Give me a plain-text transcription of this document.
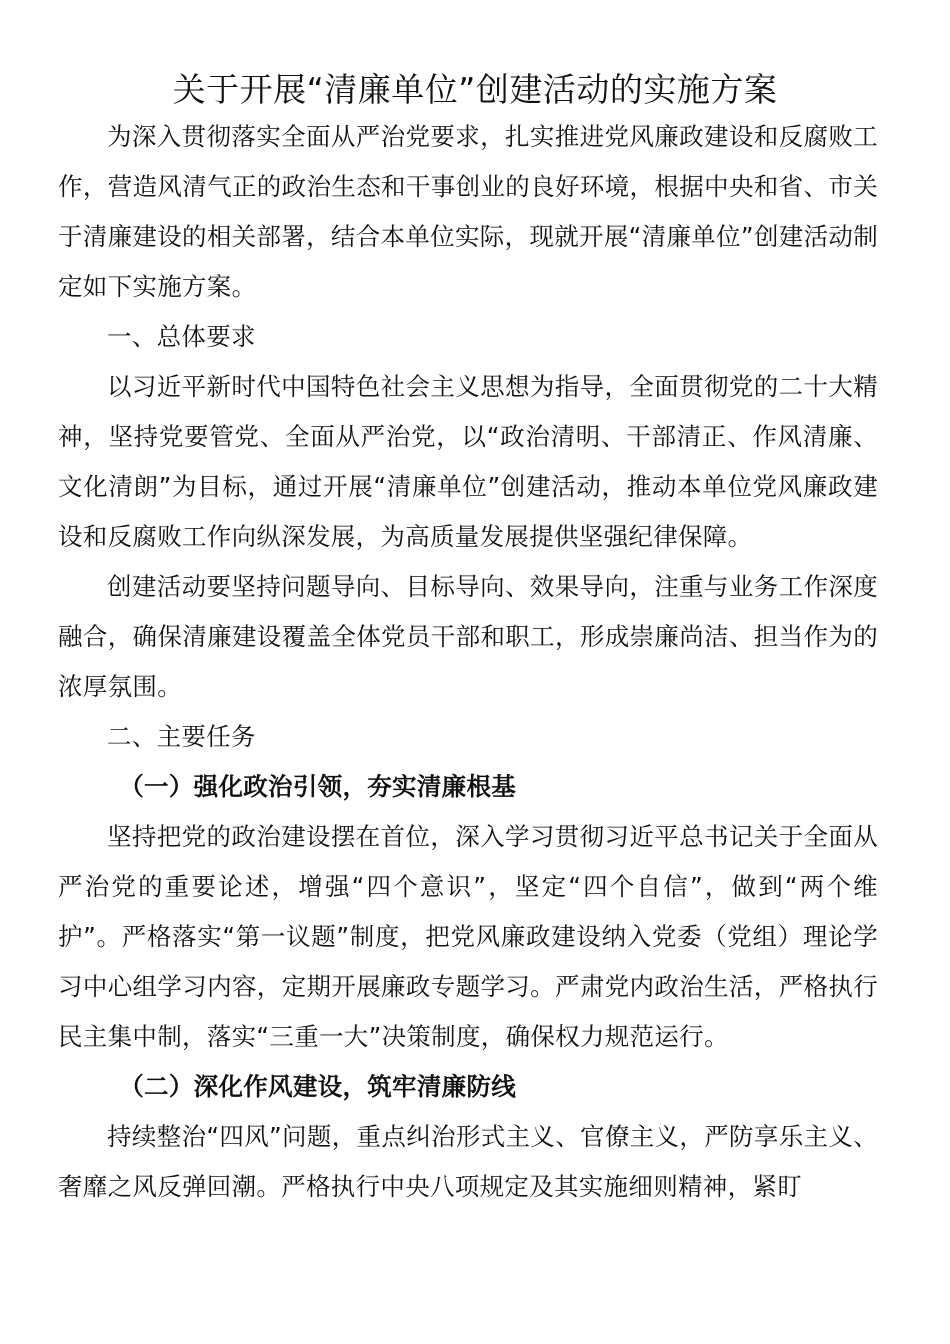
关于开展“清廉单位”创建活动的实施方案

为深入贯彻落实全面从严治党要求，扎实推进党风廉政建设和反腐败工作，营造风清气正的政治生态和干事创业的良好环境，根据中央和省、市关于清廉建设的相关部署，结合本单位实际，现就开展“清廉单位”创建活动制定如下实施方案。

一、总体要求

以习近平新时代中国特色社会主义思想为指导，全面贯彻党的二十大精神，坚持党要管党、全面从严治党，以“政治清明、干部清正、作风清廉、文化清朗”为目标，通过开展“清廉单位”创建活动，推动本单位党风廉政建设和反腐败工作向纵深发展，为高质量发展提供坚强纪律保障。

创建活动要坚持问题导向、目标导向、效果导向，注重与业务工作深度融合，确保清廉建设覆盖全体党员干部和职工，形成崇廉尚洁、担当作为的浓厚氛围。

二、主要任务

（一）强化政治引领，夯实清廉根基

坚持把党的政治建设摆在首位，深入学习贯彻习近平总书记关于全面从严治党的重要论述，增强“四个意识”，坚定“四个自信”，做到“两个维护”。严格落实“第一议题”制度，把党风廉政建设纳入党委（党组）理论学习中心组学习内容，定期开展廉政专题学习。严肃党内政治生活，严格执行民主集中制，落实“三重一大”决策制度，确保权力规范运行。

（二）深化作风建设，筑牢清廉防线

持续整治“四风”问题，重点纠治形式主义、官僚主义，严防享乐主义、奢靡之风反弹回潮。严格执行中央八项规定及其实施细则精神，紧盯
